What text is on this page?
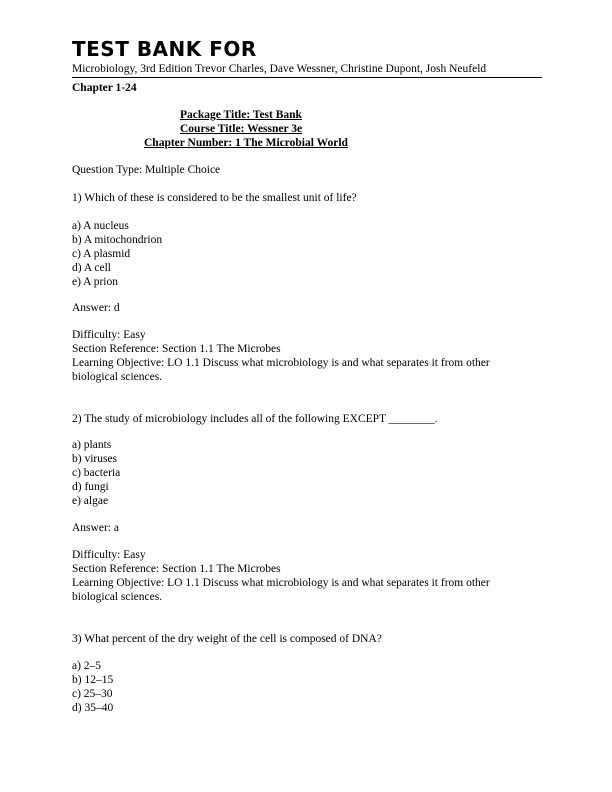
TEST BANK FOR
Microbiology, 3rd Edition Trevor Charles, Dave Wessner, Christine Dupont, Josh Neufeld
Chapter 1-24
Package Title: Test Bank
Course Title: Wessner 3e
Chapter Number: 1 The Microbial World
Question Type: Multiple Choice
1) Which of these is considered to be the smallest unit of life?
a) A nucleus
b) A mitochondrion
c) A plasmid
d) A cell
e) A prion
Answer: d
Difficulty: Easy
Section Reference: Section 1.1 The Microbes
Learning Objective: LO 1.1 Discuss what microbiology is and what separates it from other biological sciences.
2) The study of microbiology includes all of the following EXCEPT ________.
a) plants
b) viruses
c) bacteria
d) fungi
e) algae
Answer: a
Difficulty: Easy
Section Reference: Section 1.1 The Microbes
Learning Objective: LO 1.1 Discuss what microbiology is and what separates it from other biological sciences.
3) What percent of the dry weight of the cell is composed of DNA?
a) 2–5
b) 12–15
c) 25–30
d) 35–40
